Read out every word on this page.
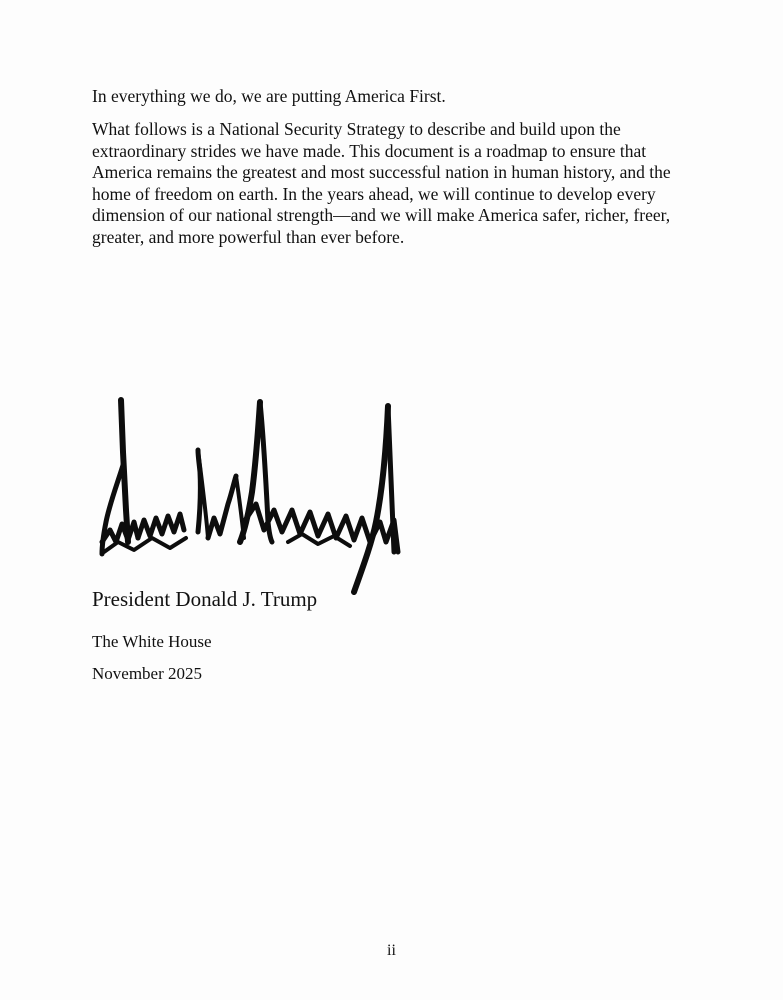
In everything we do, we are putting America First.

What follows is a National Security Strategy to describe and build upon the extraordinary strides we have made. This document is a roadmap to ensure that America remains the greatest and most successful nation in human history, and the home of freedom on earth. In the years ahead, we will continue to develop every dimension of our national strength—and we will make America safer, richer, freer, greater, and more powerful than ever before.

President Donald J. Trump

The White House

November 2025

ii
